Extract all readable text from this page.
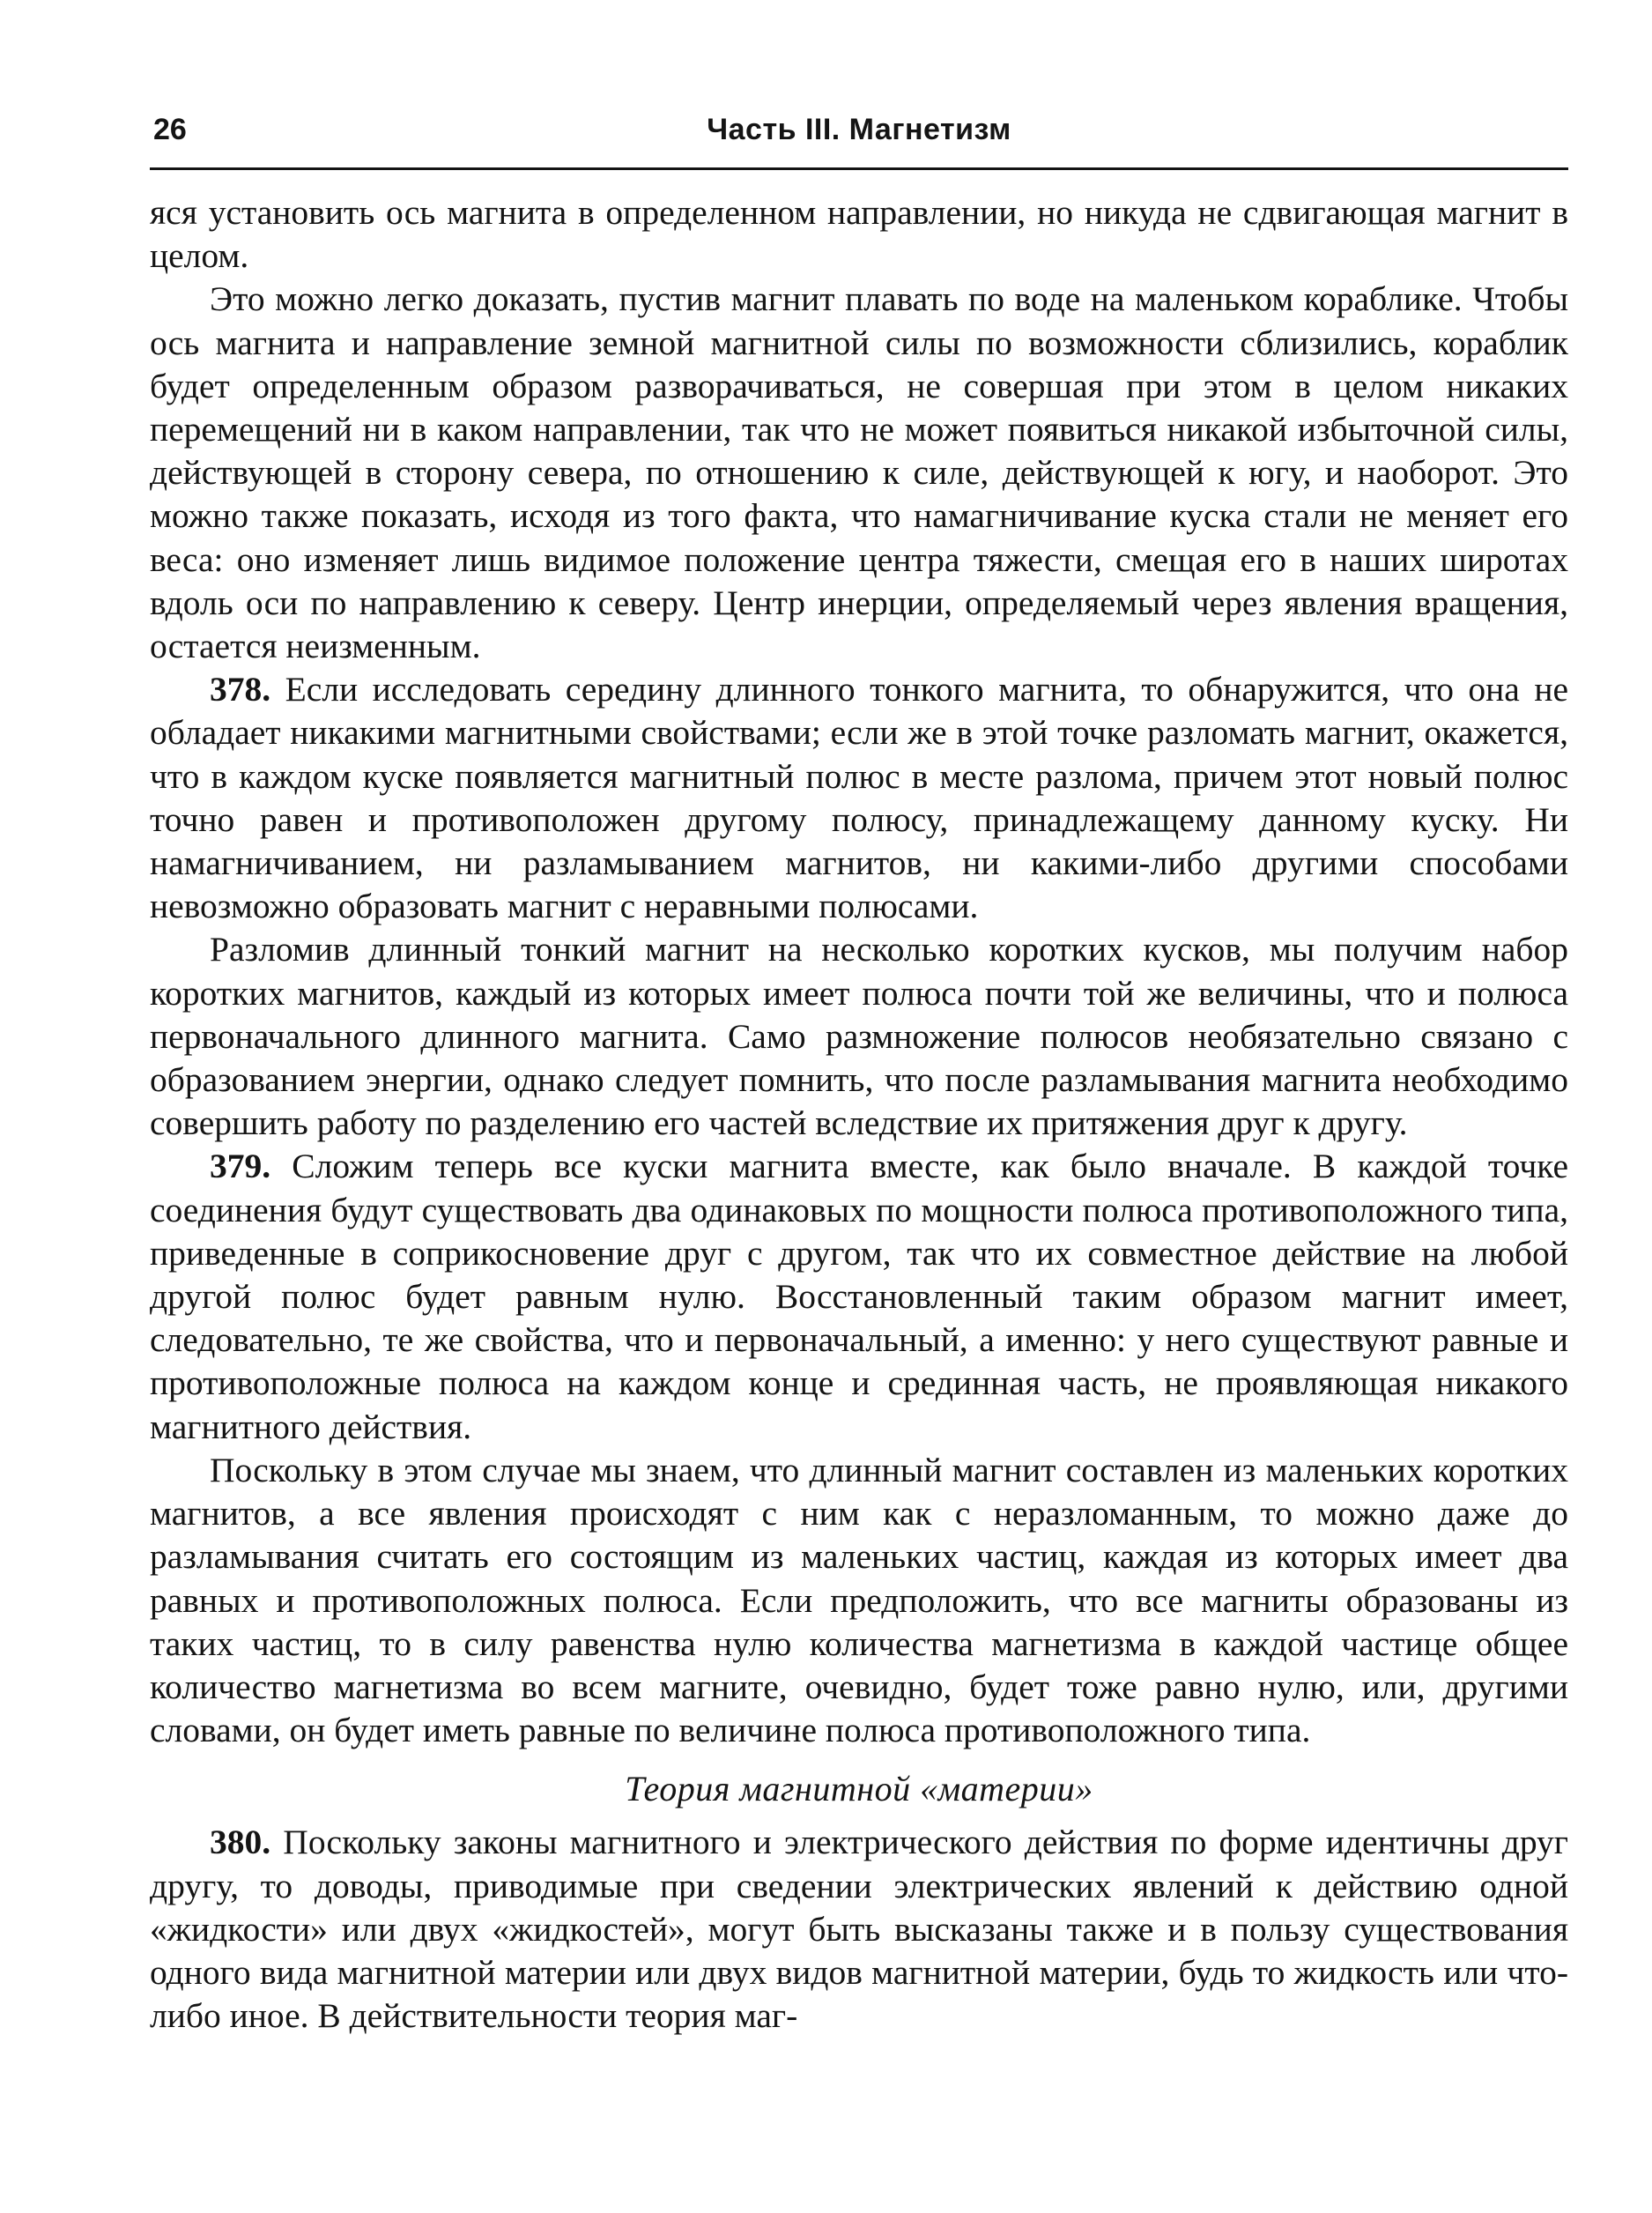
26	Часть III. Магнетизм

яся установить ось магнита в определенном направлении, но никуда не сдвигающая магнит в целом.

Это можно легко доказать, пустив магнит плавать по воде на маленьком кораблике. Чтобы ось магнита и направление земной магнитной силы по возможности сблизились, кораблик будет определенным образом разворачиваться, не совершая при этом в целом никаких перемещений ни в каком направлении, так что не может появиться никакой избыточной силы, действующей в сторону севера, по отношению к силе, действующей к югу, и наоборот. Это можно также показать, исходя из того факта, что намагничивание куска стали не меняет его веса: оно изменяет лишь видимое положение центра тяжести, смещая его в наших широтах вдоль оси по направлению к северу. Центр инерции, определяемый через явления вращения, остается неизменным.

378. Если исследовать середину длинного тонкого магнита, то обнаружится, что она не обладает никакими магнитными свойствами; если же в этой точке разломать магнит, окажется, что в каждом куске появляется магнитный полюс в месте разлома, причем этот новый полюс точно равен и противоположен другому полюсу, принадлежащему данному куску. Ни намагничиванием, ни разламыванием магнитов, ни какими-либо другими способами невозможно образовать магнит с неравными полюсами.

Разломив длинный тонкий магнит на несколько коротких кусков, мы получим набор коротких магнитов, каждый из которых имеет полюса почти той же величины, что и полюса первоначального длинного магнита. Само размножение полюсов необязательно связано с образованием энергии, однако следует помнить, что после разламывания магнита необходимо совершить работу по разделению его частей вследствие их притяжения друг к другу.

379. Сложим теперь все куски магнита вместе, как было вначале. В каждой точке соединения будут существовать два одинаковых по мощности полюса противоположного типа, приведенные в соприкосновение друг с другом, так что их совместное действие на любой другой полюс будет равным нулю. Восстановленный таким образом магнит имеет, следовательно, те же свойства, что и первоначальный, а именно: у него существуют равные и противоположные полюса на каждом конце и срединная часть, не проявляющая никакого магнитного действия.

Поскольку в этом случае мы знаем, что длинный магнит составлен из маленьких коротких магнитов, а все явления происходят с ним как с неразломанным, то можно даже до разламывания считать его состоящим из маленьких частиц, каждая из которых имеет два равных и противоположных полюса. Если предположить, что все магниты образованы из таких частиц, то в силу равенства нулю количества магнетизма в каждой частице общее количество магнетизма во всем магните, очевидно, будет тоже равно нулю, или, другими словами, он будет иметь равные по величине полюса противоположного типа.

Теория магнитной «материи»

380. Поскольку законы магнитного и электрического действия по форме идентичны друг другу, то доводы, приводимые при сведении электрических явлений к действию одной «жидкости» или двух «жидкостей», могут быть высказаны также и в пользу существования одного вида магнитной материи или двух видов магнитной материи, будь то жидкость или что-либо иное. В действительности теория маг-
